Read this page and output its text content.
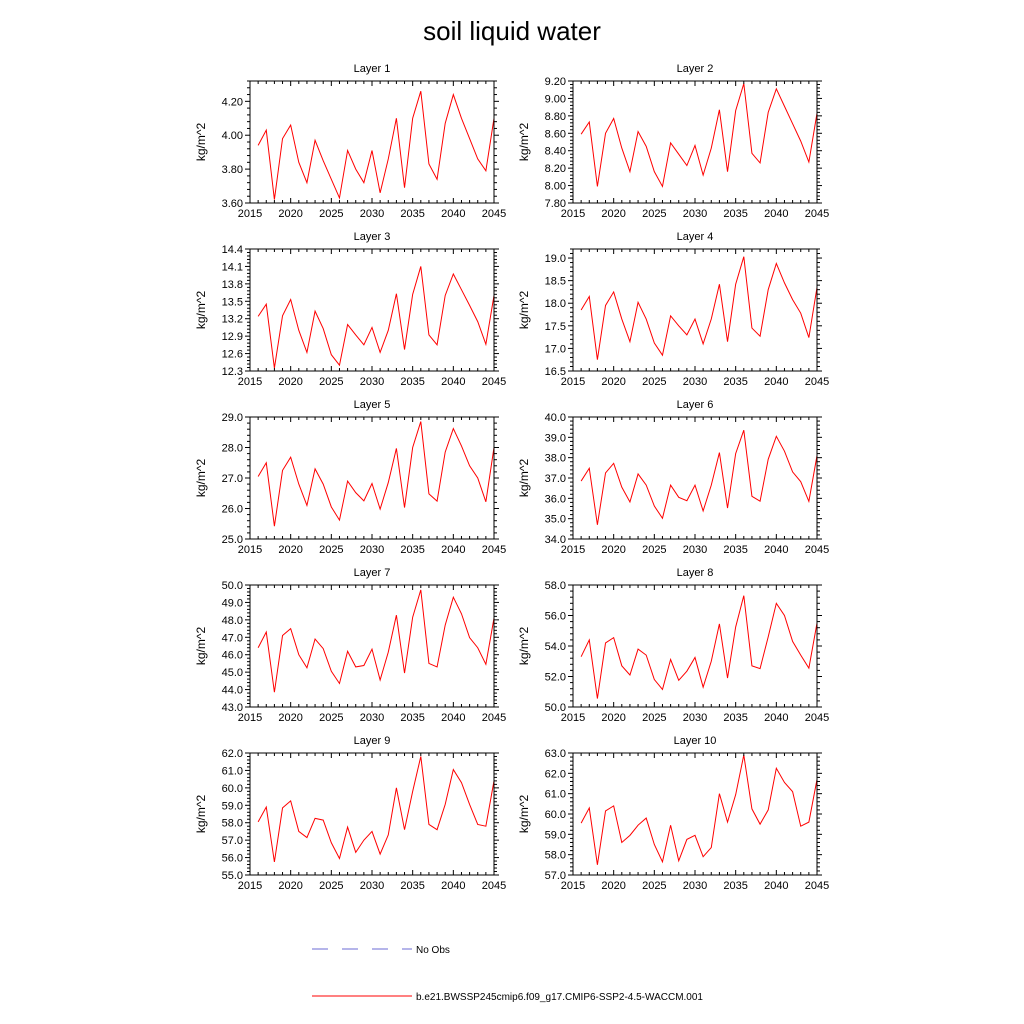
soil liquid water
Layer 1
kg/m^2
2015 2020 2025 2030 2035 2040 2045
3.60
3.80
4.00
4.20
Layer 2
kg/m^2
2015 2020 2025 2030 2035 2040 2045
7.80
8.00
8.20
8.40
8.60
8.80
9.00
9.20
Layer 3
kg/m^2
2015 2020 2025 2030 2035 2040 2045
12.3
12.6
12.9
13.2
13.5
13.8
14.1
14.4
Layer 4
kg/m^2
2015 2020 2025 2030 2035 2040 2045
16.5
17.0
17.5
18.0
18.5
19.0
Layer 5
kg/m^2
2015 2020 2025 2030 2035 2040 2045
25.0
26.0
27.0
28.0
29.0
Layer 6
kg/m^2
2015 2020 2025 2030 2035 2040 2045
34.0
35.0
36.0
37.0
38.0
39.0
40.0
Layer 7
kg/m^2
2015 2020 2025 2030 2035 2040 2045
43.0
44.0
45.0
46.0
47.0
48.0
49.0
50.0
Layer 8
kg/m^2
2015 2020 2025 2030 2035 2040 2045
50.0
52.0
54.0
56.0
58.0
Layer 9
kg/m^2
2015 2020 2025 2030 2035 2040 2045
55.0
56.0
57.0
58.0
59.0
60.0
61.0
62.0
Layer 10
kg/m^2
2015 2020 2025 2030 2035 2040 2045
57.0
58.0
59.0
60.0
61.0
62.0
63.0
No Obs
b.e21.BWSSP245cmip6.f09_g17.CMIP6-SSP2-4.5-WACCM.001
